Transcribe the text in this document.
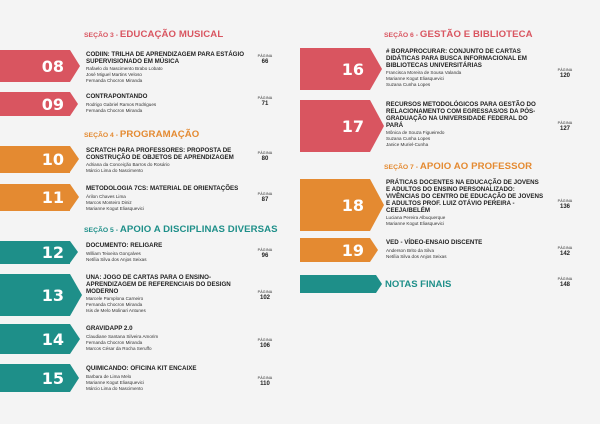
SEÇÃO 3 - EDUCAÇÃO MUSICAL
08
CODIIN: TRILHA DE APRENDIZAGEM PARA ESTÁGIO SUPERVISIONADO EM MÚSICA
Rafaelo do Nascimento Brabo Lobato
José Miguel Martins Veloso
Fernanda Chocron Miranda
PÁGINA
66
09	CONTRAPONTANDO
Rodrigo Gabriel Ramos Rodrigues
Fernanda Chocron Miranda
PÁGINA
71
SEÇÃO 4 - PROGRAMAÇÃO
10	SCRATCH PARA PROFESSORES: PROPOSTA DE CONSTRUÇÃO DE OBJETOS DE APRENDIZAGEM
Adriana da Conceição Barros do Rosário
Márcio Lima do Nascimento
PÁGINA
80
11	METODOLOGIA 7CS: MATERIAL DE ORIENTAÇÕES
Árilon Chaves Lima
Marcos Monteiro Diniz
Marianne Kogut Eliasquevici
PÁGINA
87
SEÇÃO 5 - APOIO A DISCIPLINAS DIVERSAS
12	DOCUMENTO: RELIGARE
William Teixeira Gonçalves
Netília Silva dos Anjos Seixas
PÁGINA
96
13
UNA: JOGO DE CARTAS PARA O ENSINO-APRENDIZAGEM DE REFERENCIAIS DO DESIGN MODERNO
Marcele Pamplona Carneiro
Fernanda Chocron Miranda
Isis de Melo Molinari Antunes
PÁGINA
102
14
GRAVIDAPP 2.0
Claudiane Santana Silveira Amorim
Fernanda Chocron Miranda
Marcos César da Rocha Seruffo
PÁGINA
106
15	QUIMICANDO: OFICINA KIT ENCAIXE
Barbara de Lima Melo
Marianne Kogut Eliasquevici
Márcio Lima do Nascimento
PÁGINA
110
SEÇÃO 6 - GESTÃO E BIBLIOTECA
16
# BORAPROCURAR: CONJUNTO DE CARTAS DIDÁTICAS PARA BUSCA INFORMACIONAL EM BIBLIOTECAS UNIVERSITÁRIAS
Francisca Moreira de Sousa Valanda
Marianne Kogut Eliasquevici
Suzana Cunha Lopes
PÁGINA
120
17
RECURSOS METODOLÓGICOS PARA GESTÃO DO RELACIONAMENTO COM EGRESSAS/OS DA PÓS-GRADUAÇÃO NA UNIVERSIDADE FEDERAL DO PARÁ
Mônica de Souza Figueiredo
Suzana Cunha Lopes
Janice Muriel-Cunha
PÁGINA
127
SEÇÃO 7 - APOIO AO PROFESSOR
18
PRÁTICAS DOCENTES NA EDUCAÇÃO DE JOVENS E ADULTOS DO ENSINO PERSONALIZADO: VIVÊNCIAS DO CENTRO DE EDUCAÇÃO DE JOVENS E ADULTOS PROF. LUIZ OTÁVIO PEREIRA - CEEJA/BELÉM
Luciana Pereira Albuquerque
Marianne Kogut Eliasquevici
PÁGINA
136
19	VED - VÍDEO-ENSAIO DISCENTE
Anderson Brito da Silva
Netília Silva dos Anjos Seixas
PÁGINA
142
NOTAS FINAIS	PÁGINA
148
